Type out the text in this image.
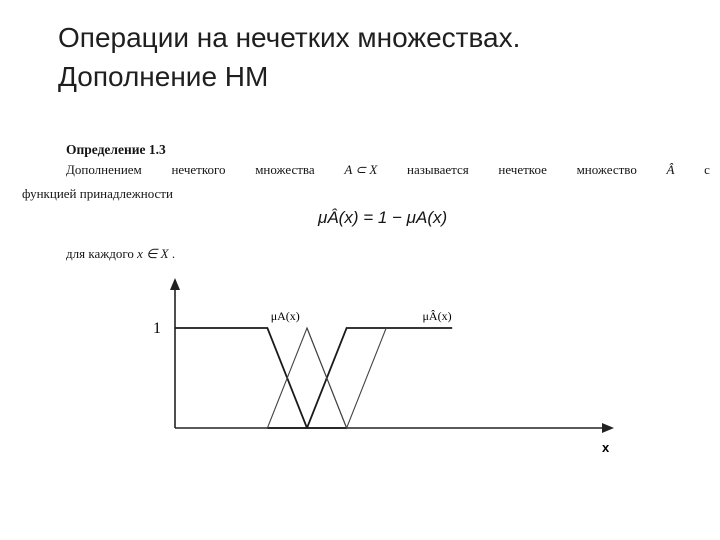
Операции на нечетких множествах.
Дополнение НМ
Определение 1.3
Дополнением нечеткого множества A ⊂ X называется нечеткое множество Â с
функцией принадлежности
μÂ(x) = 1 − μA(x)
для каждого x ∈ X .
1
x
μA(x)	μÂ(x)
